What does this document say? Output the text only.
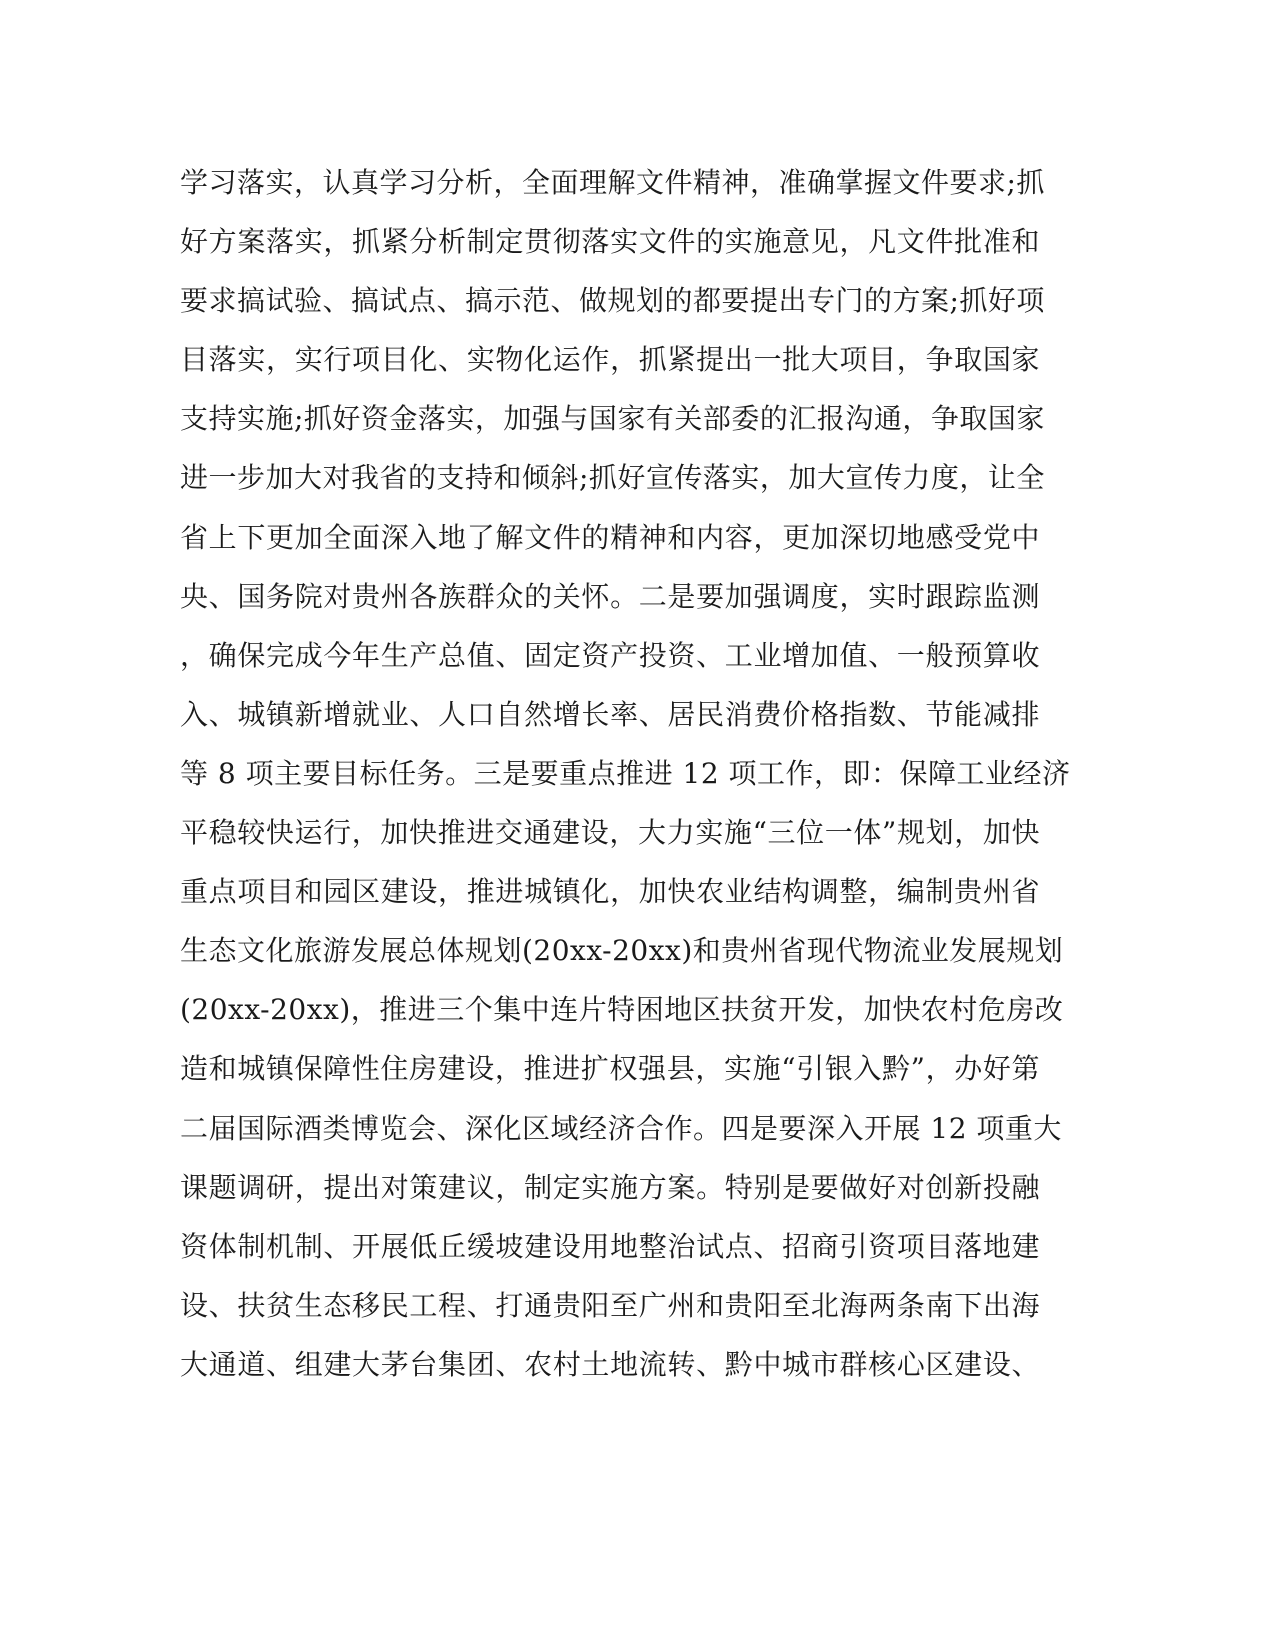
学习落实，认真学习分析，全面理解文件精神，准确掌握文件要求;抓
好方案落实，抓紧分析制定贯彻落实文件的实施意见，凡文件批准和
要求搞试验、搞试点、搞示范、做规划的都要提出专门的方案;抓好项
目落实，实行项目化、实物化运作，抓紧提出一批大项目，争取国家
支持实施;抓好资金落实，加强与国家有关部委的汇报沟通，争取国家
进一步加大对我省的支持和倾斜;抓好宣传落实，加大宣传力度，让全
省上下更加全面深入地了解文件的精神和内容，更加深切地感受党中
央、国务院对贵州各族群众的关怀。二是要加强调度，实时跟踪监测
，确保完成今年生产总值、固定资产投资、工业增加值、一般预算收
入、城镇新增就业、人口自然增长率、居民消费价格指数、节能减排
等 8 项主要目标任务。三是要重点推进 12 项工作，即：保障工业经济
平稳较快运行，加快推进交通建设，大力实施“三位一体”规划，加快
重点项目和园区建设，推进城镇化，加快农业结构调整，编制贵州省
生态文化旅游发展总体规划(20xx-20xx)和贵州省现代物流业发展规划
(20xx-20xx)，推进三个集中连片特困地区扶贫开发，加快农村危房改
造和城镇保障性住房建设，推进扩权强县，实施“引银入黔”，办好第
二届国际酒类博览会、深化区域经济合作。四是要深入开展 12 项重大
课题调研，提出对策建议，制定实施方案。特别是要做好对创新投融
资体制机制、开展低丘缓坡建设用地整治试点、招商引资项目落地建
设、扶贫生态移民工程、打通贵阳至广州和贵阳至北海两条南下出海
大通道、组建大茅台集团、农村土地流转、黔中城市群核心区建设、
